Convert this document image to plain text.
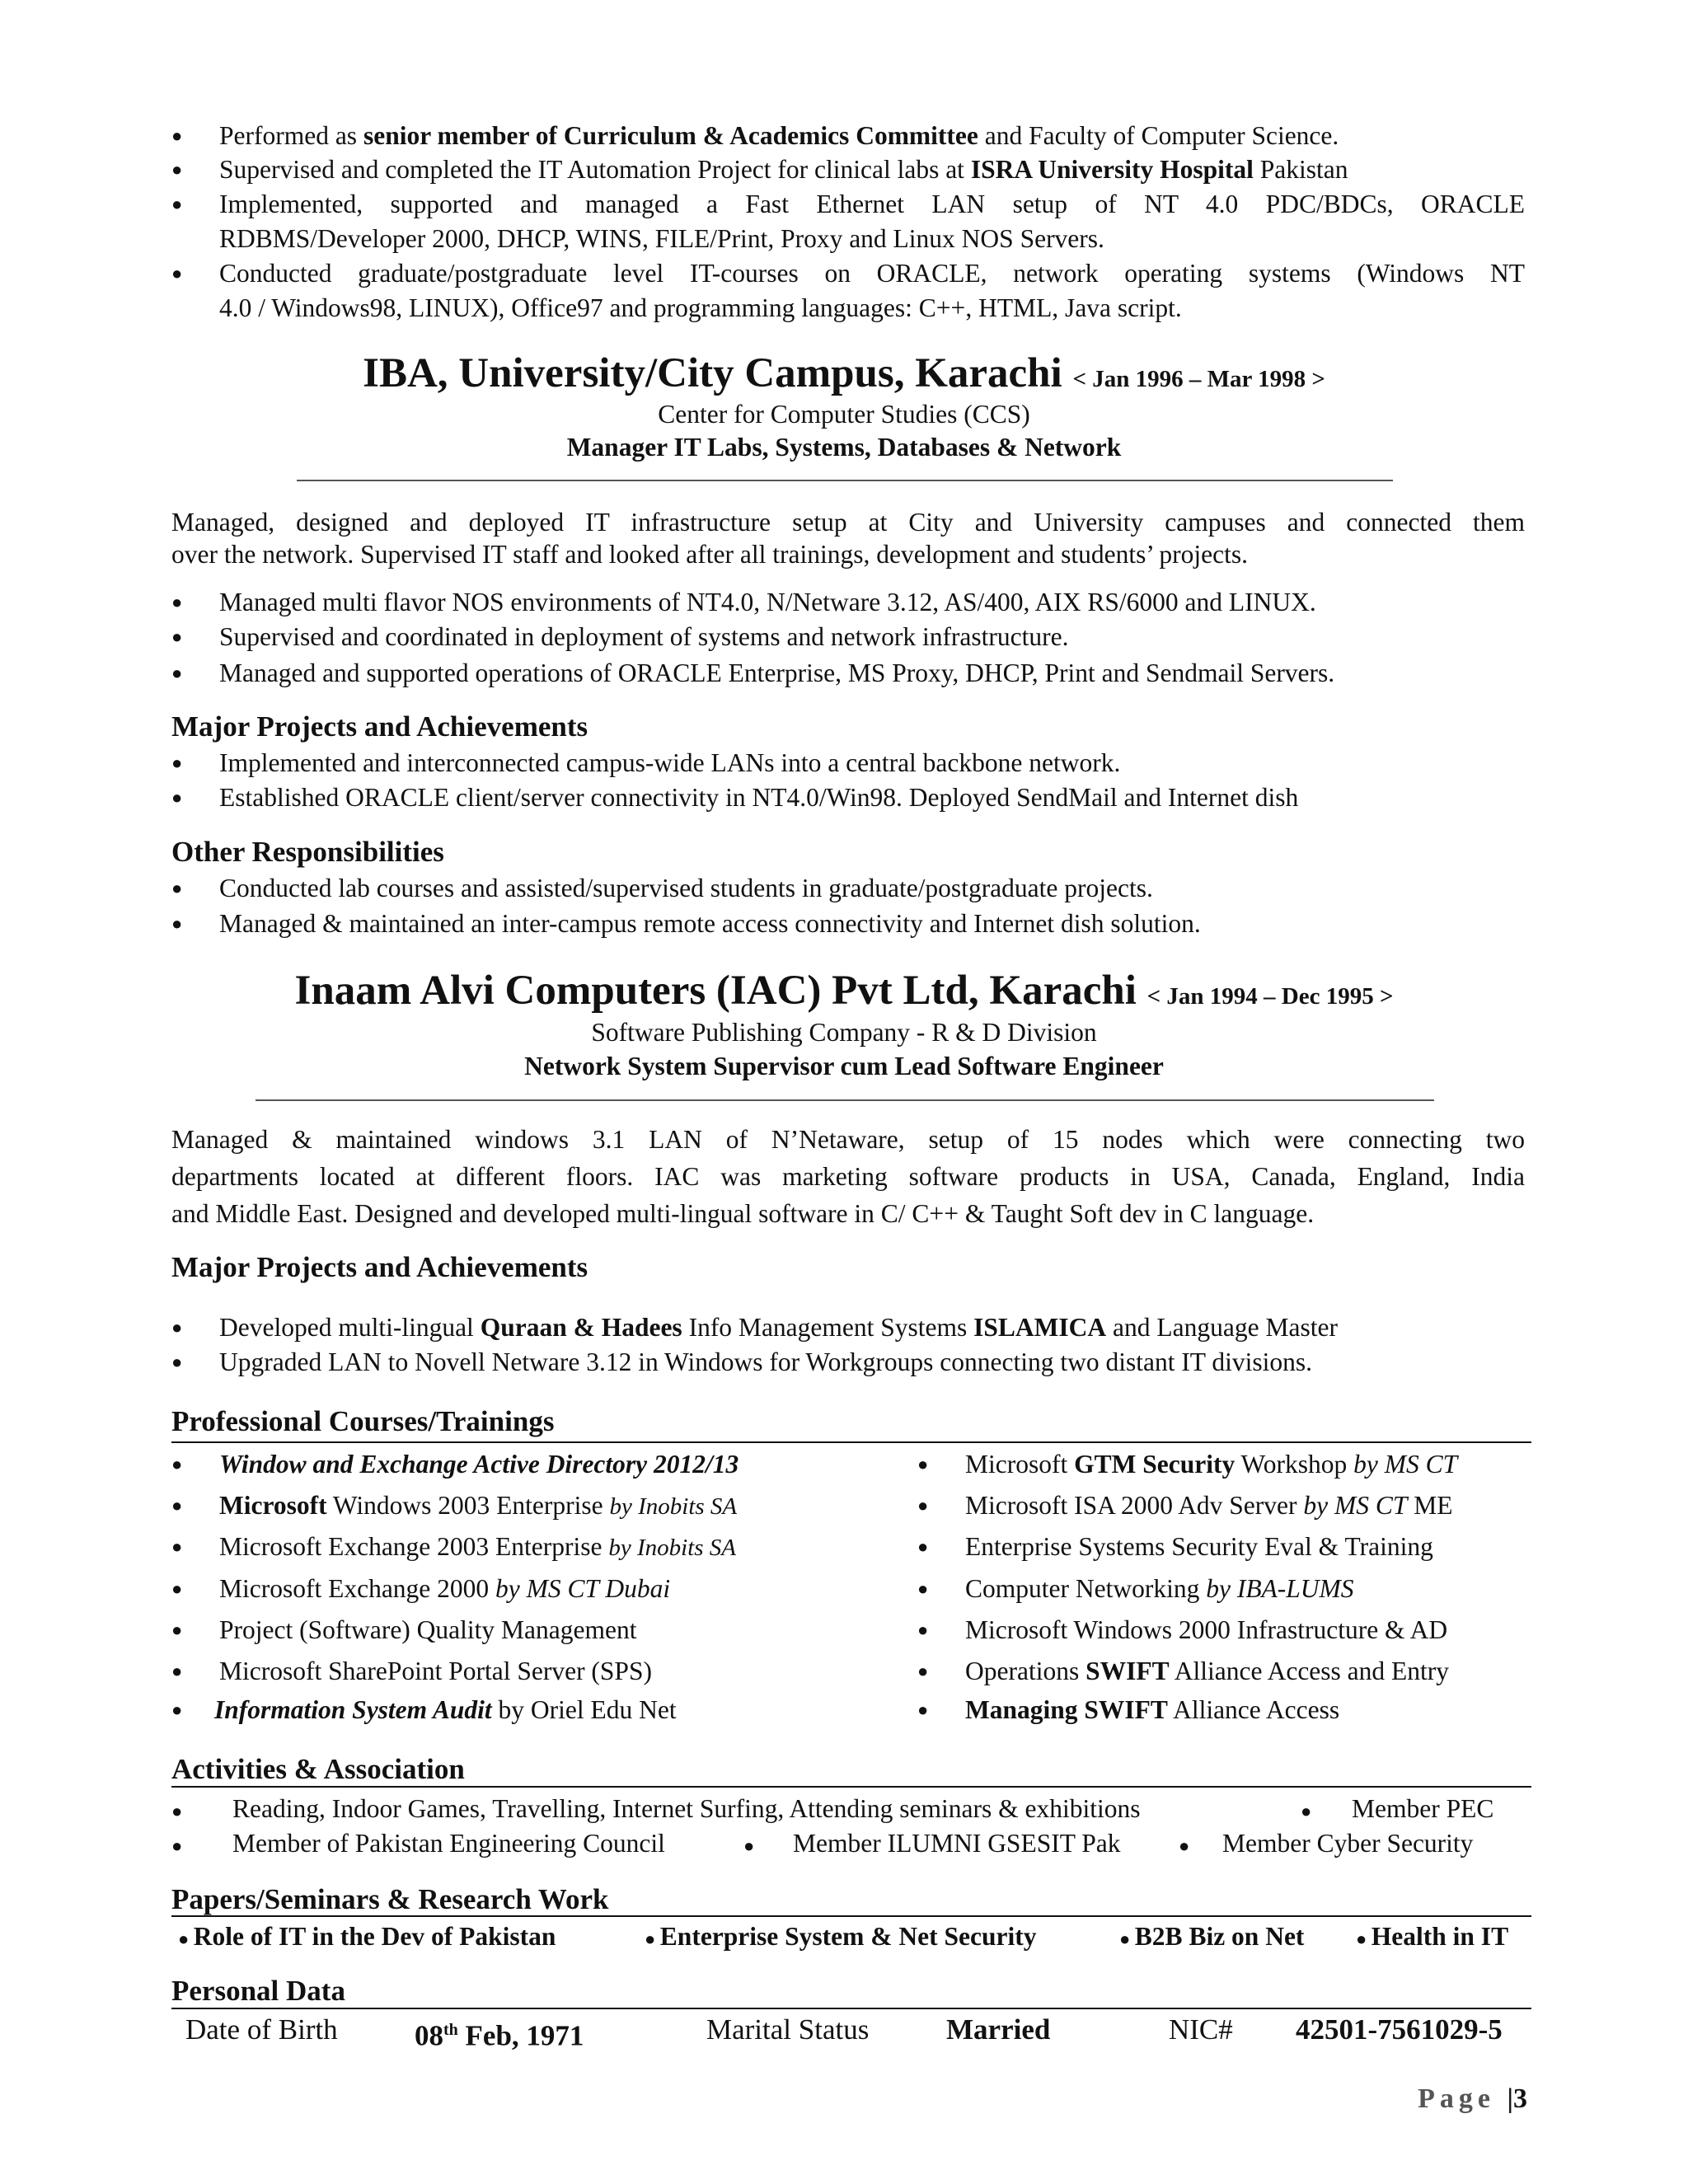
● Performed as senior member of Curriculum & Academics Committee and Faculty of Computer Science.
● Supervised and completed the IT Automation Project for clinical labs at ISRA University Hospital Pakistan
● Implemented, supported and managed a Fast Ethernet LAN setup of NT 4.0 PDC/BDCs, ORACLE
RDBMS/Developer 2000, DHCP, WINS, FILE/Print, Proxy and Linux NOS Servers.
● Conducted graduate/postgraduate level IT-courses on ORACLE, network operating systems (Windows NT
4.0 / Windows98, LINUX), Office97 and programming languages: C++, HTML, Java script.
IBA, University/City Campus, Karachi < Jan 1996 – Mar 1998 >
Center for Computer Studies (CCS)
Manager IT Labs, Systems, Databases & Network
Managed, designed and deployed IT infrastructure setup at City and University campuses and connected them
over the network. Supervised IT staff and looked after all trainings, development and students’ projects.
● Managed multi flavor NOS environments of NT4.0, N/Netware 3.12, AS/400, AIX RS/6000 and LINUX.
● Supervised and coordinated in deployment of systems and network infrastructure.
● Managed and supported operations of ORACLE Enterprise, MS Proxy, DHCP, Print and Sendmail Servers.
Major Projects and Achievements
● Implemented and interconnected campus-wide LANs into a central backbone network.
● Established ORACLE client/server connectivity in NT4.0/Win98. Deployed SendMail and Internet dish
Other Responsibilities
● Conducted lab courses and assisted/supervised students in graduate/postgraduate projects.
● Managed & maintained an inter-campus remote access connectivity and Internet dish solution.
Inaam Alvi Computers (IAC) Pvt Ltd, Karachi < Jan 1994 – Dec 1995 >
Software Publishing Company - R & D Division
Network System Supervisor cum Lead Software Engineer
Managed & maintained windows 3.1 LAN of N’Netaware, setup of 15 nodes which were connecting two
departments located at different floors. IAC was marketing software products in USA, Canada, England, India
and Middle East. Designed and developed multi-lingual software in C/ C++ & Taught Soft dev in C language.
Major Projects and Achievements
● Developed multi-lingual Quraan & Hadees Info Management Systems ISLAMICA and Language Master
● Upgraded LAN to Novell Netware 3.12 in Windows for Workgroups connecting two distant IT divisions.
Professional Courses/Trainings
● Window and Exchange Active Directory 2012/13
● Microsoft Windows 2003 Enterprise by Inobits SA
● Microsoft Exchange 2003 Enterprise by Inobits SA
● Microsoft Exchange 2000 by MS CT Dubai
● Project (Software) Quality Management
● Microsoft SharePoint Portal Server (SPS)
● Information System Audit by Oriel Edu Net
● Microsoft GTM Security Workshop by MS CT
● Microsoft ISA 2000 Adv Server by MS CT ME
● Enterprise Systems Security Eval & Training
● Computer Networking by IBA-LUMS
● Microsoft Windows 2000 Infrastructure & AD
● Operations SWIFT Alliance Access and Entry
● Managing SWIFT Alliance Access
Activities & Association
● Reading, Indoor Games, Travelling, Internet Surfing, Attending seminars & exhibitions	● Member PEC
● Member of Pakistan Engineering Council	● Member ILUMNI GSESIT Pak	● Member Cyber Security
Papers/Seminars & Research Work
● Role of IT in the Dev of Pakistan	● Enterprise System & Net Security	● B2B Biz on Net	● Health in IT
Personal Data
Date of Birth	08th Feb, 1971	Marital Status	Married	NIC# 42501-7561029-5
Page |3
